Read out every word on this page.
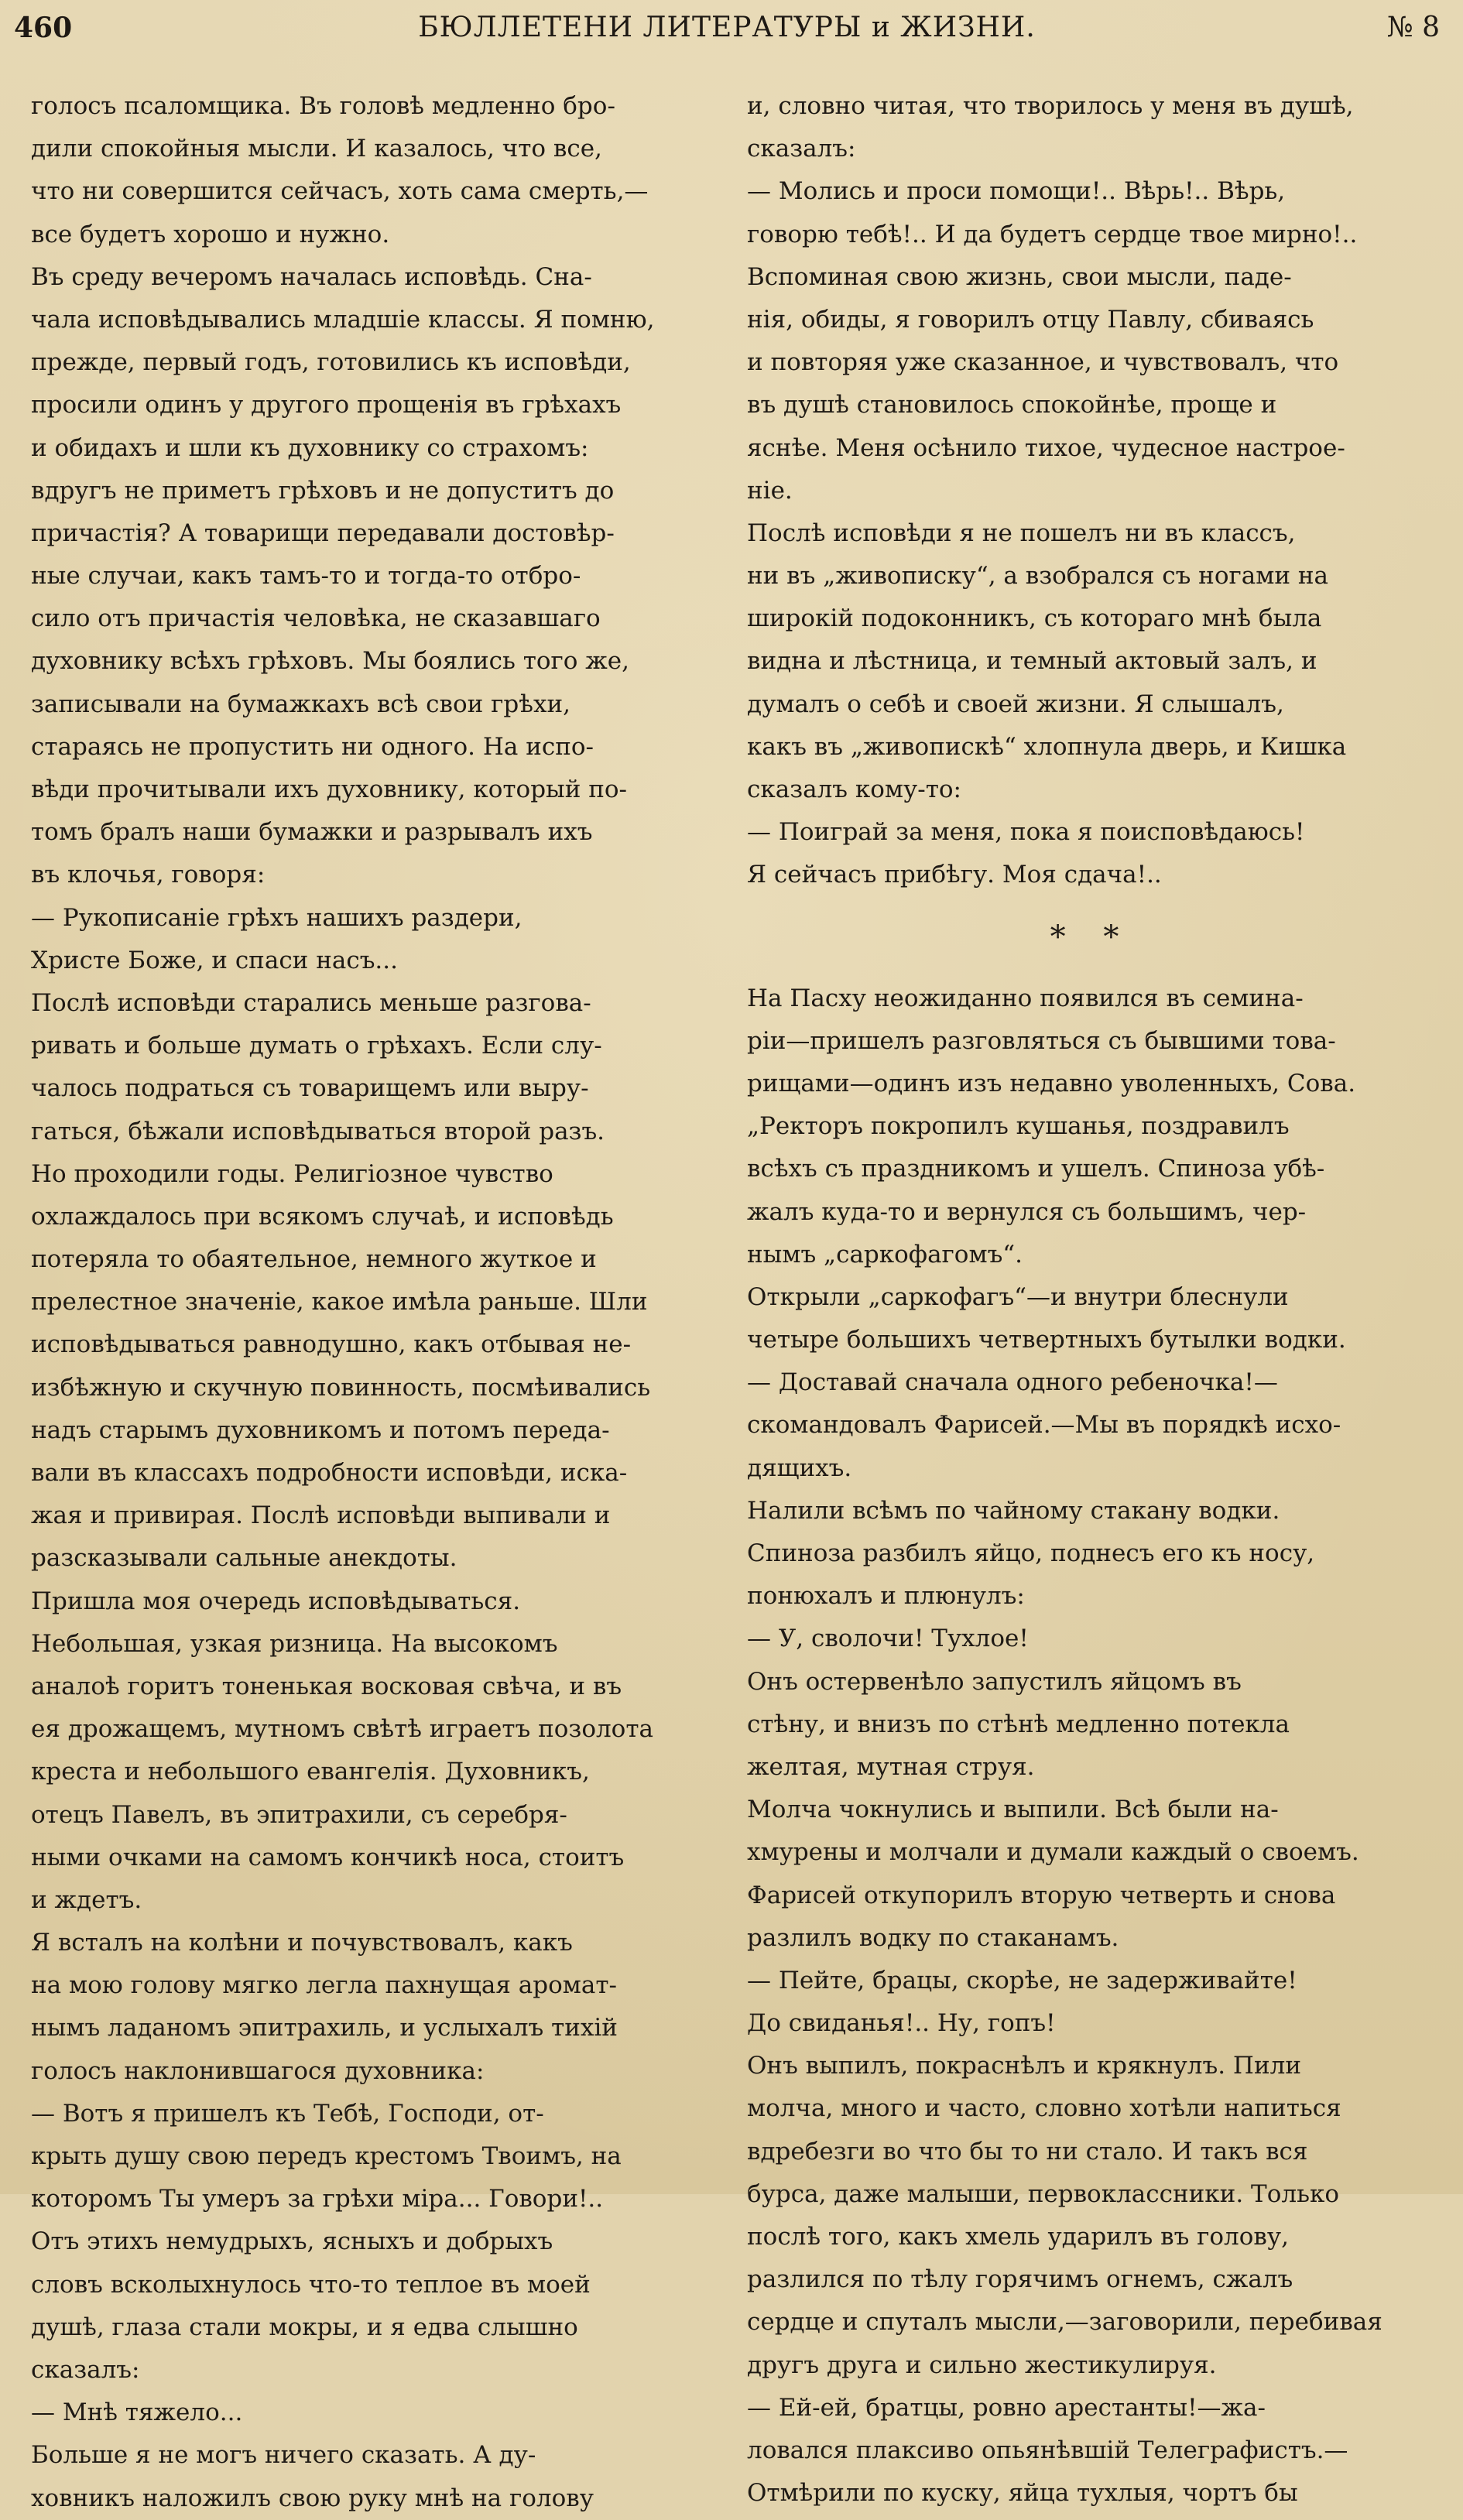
460	БЮЛЛЕТЕНИ ЛИТЕРАТУРЫ и ЖИЗНИ.	№ 8
голосъ псаломщика. Въ головѣ медленно бро-
дили спокойныя мысли. И казалось, что все,
что ни совершится сейчасъ, хоть сама смерть,—
все будетъ хорошо и нужно.
Въ среду вечеромъ началась исповѣдь. Сна-
чала исповѣдывались младшіе классы. Я помню,
прежде, первый годъ, готовились къ исповѣди,
просили одинъ у другого прощенія въ грѣхахъ
и обидахъ и шли къ духовнику со страхомъ:
вдругъ не приметъ грѣховъ и не допуститъ до
причастія? А товарищи передавали достовѣр-
ные случаи, какъ тамъ-то и тогда-то отбро-
сило отъ причастія человѣка, не сказавшаго
духовнику всѣхъ грѣховъ. Мы боялись того же,
записывали на бумажкахъ всѣ свои грѣхи,
стараясь не пропустить ни одного. На испо-
вѣди прочитывали ихъ духовнику, который по-
томъ бралъ наши бумажки и разрывалъ ихъ
въ клочья, говоря:
— Рукописаніе грѣхъ нашихъ раздери,
Христе Боже, и спаси насъ...
Послѣ исповѣди старались меньше разгова-
ривать и больше думать о грѣхахъ. Если слу-
чалось подраться съ товарищемъ или выру-
гаться, бѣжали исповѣдываться второй разъ.
Но проходили годы. Религіозное чувство
охлаждалось при всякомъ случаѣ, и исповѣдь
потеряла то обаятельное, немного жуткое и
прелестное значеніе, какое имѣла раньше. Шли
исповѣдываться равнодушно, какъ отбывая не-
избѣжную и скучную повинность, посмѣивались
надъ старымъ духовникомъ и потомъ переда-
вали въ классахъ подробности исповѣди, иска-
жая и привирая. Послѣ исповѣди выпивали и
разсказывали сальные анекдоты.
Пришла моя очередь исповѣдываться.
Небольшая, узкая ризница. На высокомъ
аналоѣ горитъ тоненькая восковая свѣча, и въ
ея дрожащемъ, мутномъ свѣтѣ играетъ позолота
креста и небольшого евангелія. Духовникъ,
отецъ Павелъ, въ эпитрахили, съ серебря-
ными очками на самомъ кончикѣ носа, стоитъ
и ждетъ.
Я всталъ на колѣни и почувствовалъ, какъ
на мою голову мягко легла пахнущая аромат-
нымъ ладаномъ эпитрахиль, и услыхалъ тихій
голосъ наклонившагося духовника:
— Вотъ я пришелъ къ Тебѣ, Господи, от-
крыть душу свою передъ крестомъ Твоимъ, на
которомъ Ты умеръ за грѣхи міра... Говори!..
Отъ этихъ немудрыхъ, ясныхъ и добрыхъ
словъ всколыхнулось что-то теплое въ моей
душѣ, глаза стали мокры, и я едва слышно
сказалъ:
— Мнѣ тяжело...
Больше я не могъ ничего сказать. А ду-
ховникъ наложилъ свою руку мнѣ на голову
и, словно читая, что творилось у меня въ душѣ,
сказалъ:
— Молись и проси помощи!.. Вѣрь!.. Вѣрь,
говорю тебѣ!.. И да будетъ сердце твое мирно!..
Вспоминая свою жизнь, свои мысли, паде-
нія, обиды, я говорилъ отцу Павлу, сбиваясь
и повторяя уже сказанное, и чувствовалъ, что
въ душѣ становилось спокойнѣе, проще и
яснѣе. Меня осѣнило тихое, чудесное настрое-
ніе.
Послѣ исповѣди я не пошелъ ни въ классъ,
ни въ „живописку“, а взобрался съ ногами на
широкій подоконникъ, съ котораго мнѣ была
видна и лѣстница, и темный актовый залъ, и
думалъ о себѣ и своей жизни. Я слышалъ,
какъ въ „живопискѣ“ хлопнула дверь, и Кишка
сказалъ кому-то:
— Поиграй за меня, пока я поисповѣдаюсь!
Я сейчасъ прибѣгу. Моя сдача!..
* *
На Пасху неожиданно появился въ семина-
ріи—пришелъ разговляться съ бывшими това-
рищами—одинъ изъ недавно уволенныхъ, Сова.
„Ректоръ покропилъ кушанья, поздравилъ
всѣхъ съ праздникомъ и ушелъ. Спиноза убѣ-
жалъ куда-то и вернулся съ большимъ, чер-
нымъ „саркофагомъ“.
Открыли „саркофагъ“—и внутри блеснули
четыре большихъ четвертныхъ бутылки водки.
— Доставай сначала одного ребеночка!—
скомандовалъ Фарисей.—Мы въ порядкѣ исхо-
дящихъ.
Налили всѣмъ по чайному стакану водки.
Спиноза разбилъ яйцо, поднесъ его къ носу,
понюхалъ и плюнулъ:
— У, сволочи! Тухлое!
Онъ остервенѣло запустилъ яйцомъ въ
стѣну, и внизъ по стѣнѣ медленно потекла
желтая, мутная струя.
Молча чокнулись и выпили. Всѣ были на-
хмурены и молчали и думали каждый о своемъ.
Фарисей откупорилъ вторую четверть и снова
разлилъ водку по стаканамъ.
— Пейте, брацы, скорѣе, не задерживайте!
До свиданья!.. Ну, гопъ!
Онъ выпилъ, покраснѣлъ и крякнулъ. Пили
молча, много и часто, словно хотѣли напиться
вдребезги во что бы то ни стало. И такъ вся
бурса, даже малыши, первоклассники. Только
послѣ того, какъ хмель ударилъ въ голову,
разлился по тѣлу горячимъ огнемъ, сжалъ
сердце и спуталъ мысли,—заговорили, перебивая
другъ друга и сильно жестикулируя.
— Ей-ей, братцы, ровно арестанты!—жа-
ловался плаксиво опьянѣвшій Телеграфистъ.—
Отмѣрили по куску, яйца тухлыя, чортъ бы
